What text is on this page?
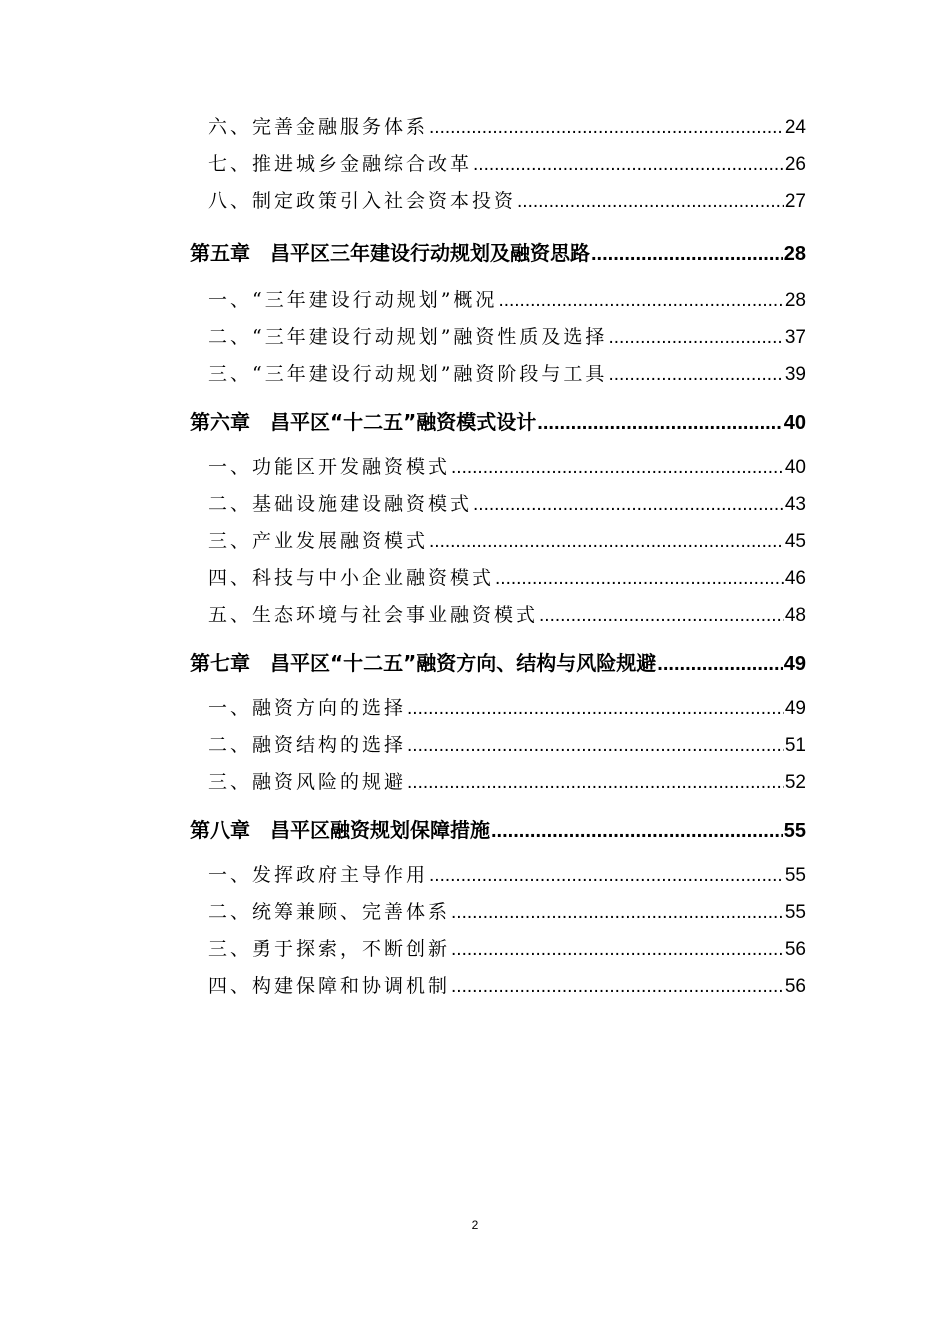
六、完善金融服务体系 .....	24
七、推进城乡金融综合改革 .....	26
八、制定政策引入社会资本投资 .....	27
第五章　昌平区三年建设行动规划及融资思路 .....	28
一、“三年建设行动规划”概况 .....	28
二、“三年建设行动规划”融资性质及选择 .....	37
三、“三年建设行动规划”融资阶段与工具 .....	39
第六章　昌平区“十二五”融资模式设计 .....	40
一、功能区开发融资模式 .....	40
二、基础设施建设融资模式 .....	43
三、产业发展融资模式 .....	45
四、科技与中小企业融资模式 .....	46
五、生态环境与社会事业融资模式 .....	48
第七章　昌平区“十二五”融资方向、结构与风险规避 .....	49
一、融资方向的选择 .....	49
二、融资结构的选择 .....	51
三、融资风险的规避 .....	52
第八章　昌平区融资规划保障措施 .....	55
一、发挥政府主导作用 .....	55
二、统筹兼顾、完善体系 .....	55
三、勇于探索，不断创新 .....	56
四、构建保障和协调机制 .....	56
2
